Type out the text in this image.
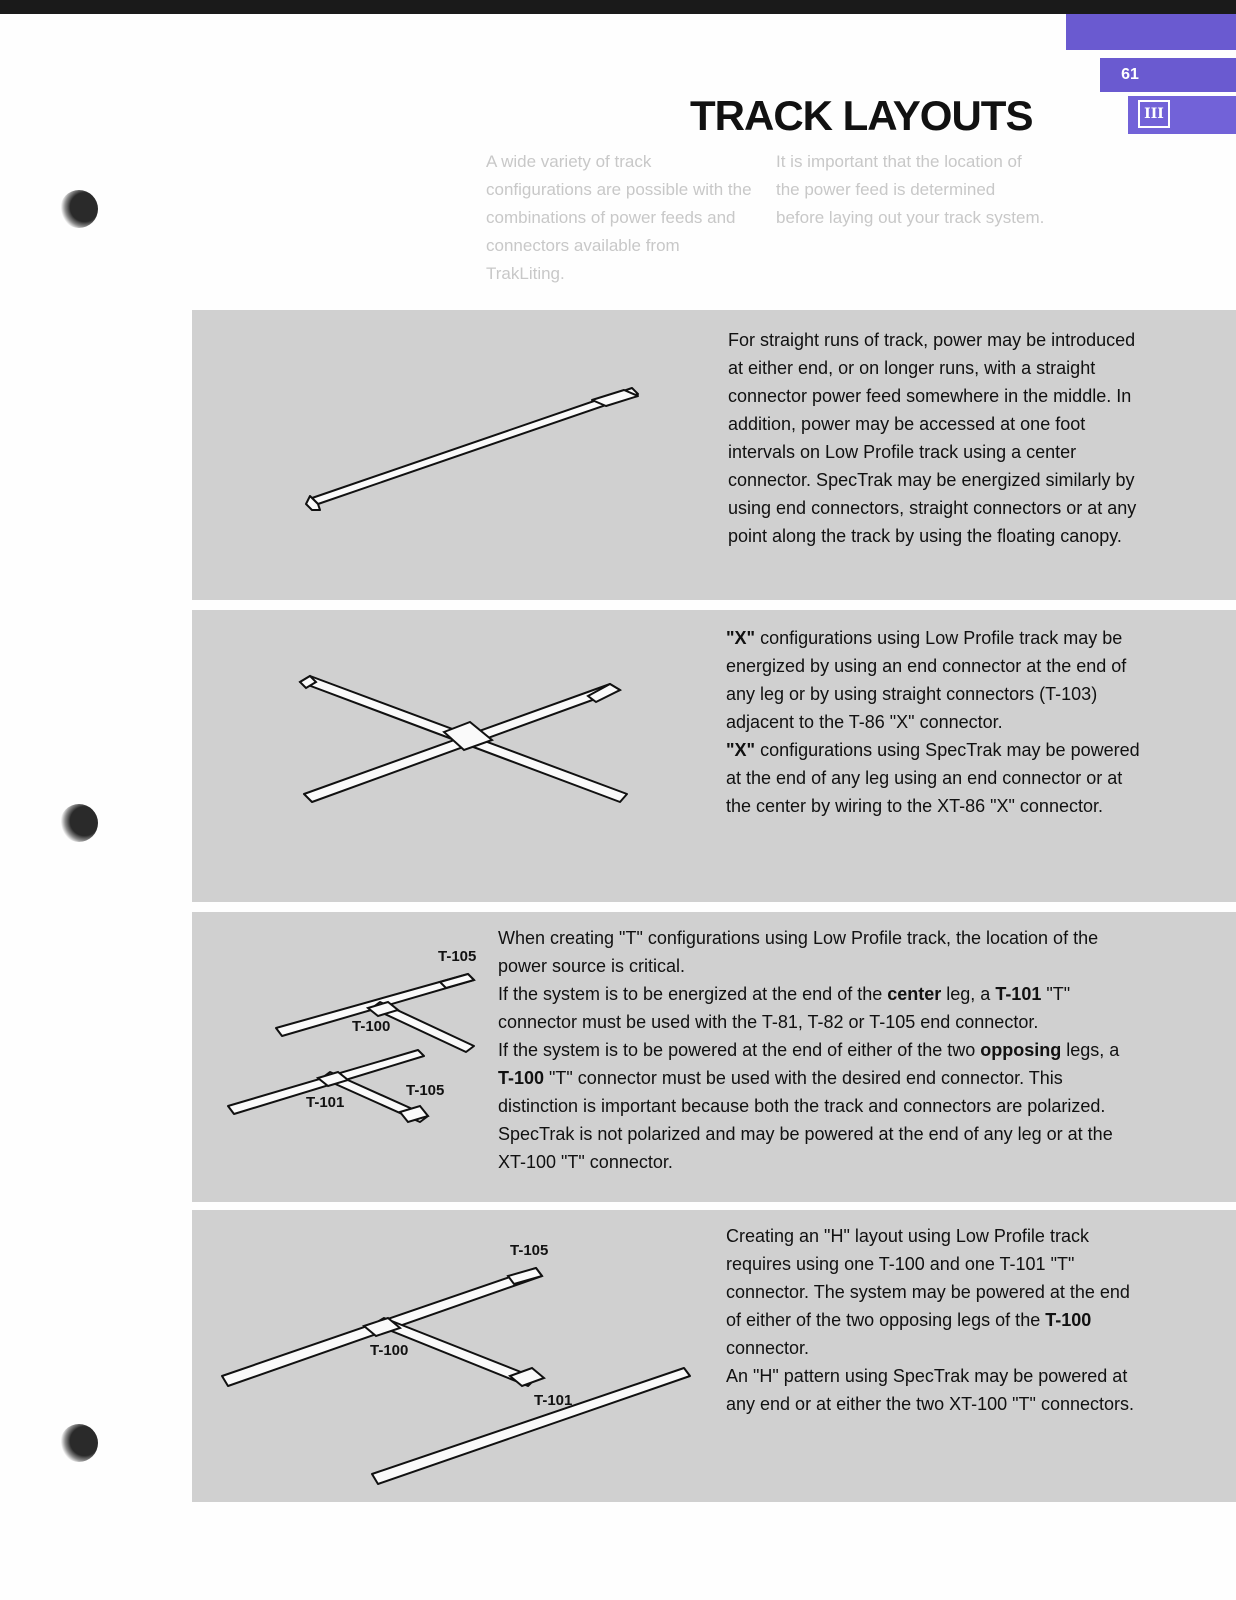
61
III
TRACK LAYOUTS

A wide variety of track configurations are possible with the combinations of power feeds and connectors available from TrakLiting.

It is important that the location of the power feed is determined before laying out your track system.

For straight runs of track, power may be introduced at either end, or on longer runs, with a straight connector power feed somewhere in the middle. In addition, power may be accessed at one foot intervals on Low Profile track using a center connector. SpecTrak may be energized similarly by using end connectors, straight connectors or at any point along the track by using the floating canopy.

"X" configurations using Low Profile track may be energized by using an end connector at the end of any leg or by using straight connectors (T-103) adjacent to the T-86 "X" connector.

"X" configurations using SpecTrak may be powered at the end of any leg using an end connector or at the center by wiring to the XT-86 "X" connector.

T-105
T-100
T-101
T-105

When creating "T" configurations using Low Profile track, the location of the power source is critical.

If the system is to be energized at the end of the center leg, a T-101 "T" connector must be used with the T-81, T-82 or T-105 end connector.

If the system is to be powered at the end of either of the two opposing legs, a T-100 "T" connector must be used with the desired end connector. This distinction is important because both the track and connectors are polarized.

SpecTrak is not polarized and may be powered at the end of any leg or at the XT-100 "T" connector.

T-105
T-100
T-101

Creating an "H" layout using Low Profile track requires using one T-100 and one T-101 "T" connector. The system may be powered at the end of either of the two opposing legs of the T-100 connector.

An "H" pattern using SpecTrak may be powered at any end or at either the two XT-100 "T" connectors.
